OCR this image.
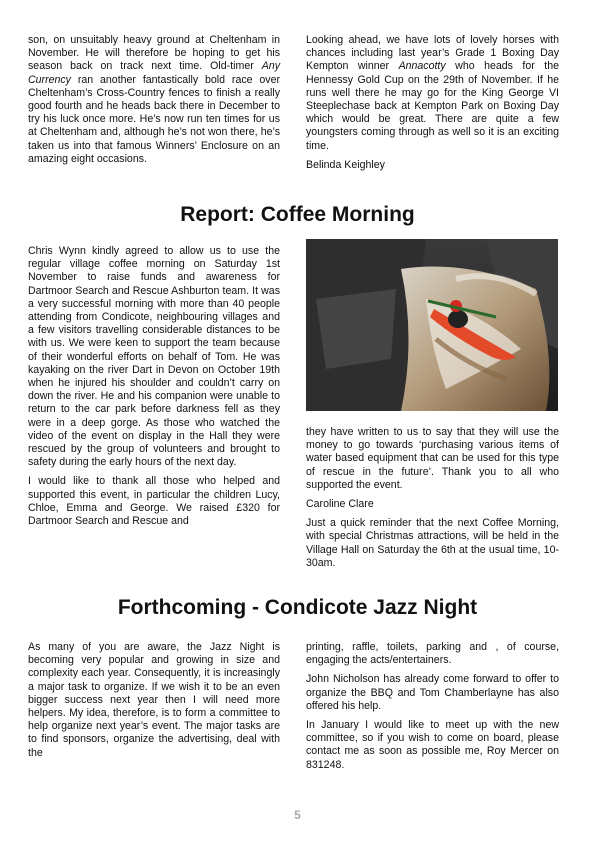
son, on unsuitably heavy ground at Cheltenham in November. He will therefore be hoping to get his season back on track next time. Old-timer Any Currency ran another fantastically bold race over Cheltenham’s Cross-Country fences to finish a really good fourth and he heads back there in December to try his luck once more. He’s now run ten times for us at Cheltenham and, although he’s not won there, he’s taken us into that famous Winners’ Enclosure on an amazing eight occasions.

Looking ahead, we have lots of lovely horses with chances including last year’s Grade 1 Boxing Day Kempton winner Annacotty who heads for the Hennessy Gold Cup on the 29th of November. If he runs well there he may go for the King George VI Steeplechase back at Kempton Park on Boxing Day which would be great. There are quite a few youngsters coming through as well so it is an exciting time.

Belinda Keighley

Report: Coffee Morning

Chris Wynn kindly agreed to allow us to use the regular village coffee morning on Saturday 1st November to raise funds and awareness for Dartmoor Search and Rescue Ashburton team. It was a very successful morning with more than 40 people attending from Condicote, neighbouring villages and a few visitors travelling considerable distances to be with us. We were keen to support the team because of their wonderful efforts on behalf of Tom. He was kayaking on the river Dart in Devon on October 19th when he injured his shoulder and couldn’t carry on down the river. He and his companion were unable to return to the car park before darkness fell as they were in a deep gorge. As those who watched the video of the event on display in the Hall they were rescued by the group of volunteers and brought to safety during the early hours of the next day.

I would like to thank all those who helped and supported this event, in particular the children Lucy, Chloe, Emma and George. We raised £320 for Dartmoor Search and Rescue and

they have written to us to say that they will use the money to go towards ‘purchasing various items of water based equipment that can be used for this type of rescue in the future’. Thank you to all who supported the event.

Caroline Clare

Just a quick reminder that the next Coffee Morning, with special Christmas attractions, will be held in the Village Hall on Saturday the 6th at the usual time, 10-30am.

Forthcoming - Condicote Jazz Night

As many of you are aware, the Jazz Night is becoming very popular and growing in size and complexity each year. Consequently, it is increasingly a major task to organize. If we wish it to be an even bigger success next year then I will need more helpers. My idea, therefore, is to form a committee to help organize next year’s event. The major tasks are to find sponsors, organize the advertising, deal with the

printing, raffle, toilets, parking and , of course, engaging the acts/entertainers.

John Nicholson has already come forward to offer to organize the BBQ and Tom Chamberlayne has also offered his help.

In January I would like to meet up with the new committee, so if you wish to come on board, please contact me as soon as possible me, Roy Mercer on 831248.

5
